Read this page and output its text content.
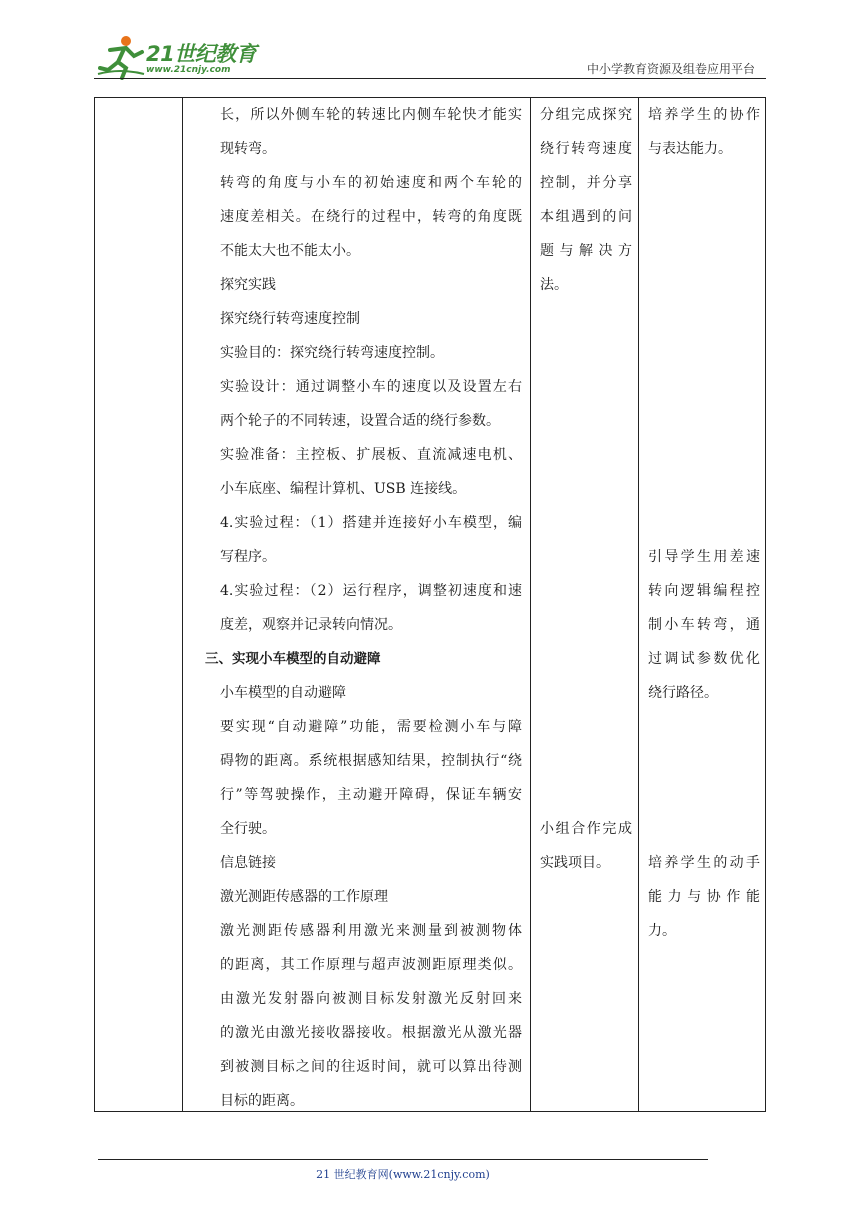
21世纪教育
www.21cnjy.com	中小学教育资源及组卷应用平台
长，所以外侧车轮的转速比内侧车轮快才能实
现转弯。
转弯的角度与小车的初始速度和两个车轮的
速度差相关。在绕行的过程中，转弯的角度既
不能太大也不能太小。
探究实践
探究绕行转弯速度控制
实验目的：探究绕行转弯速度控制。
实验设计：通过调整小车的速度以及设置左右
两个轮子的不同转速，设置合适的绕行参数。
实验准备：主控板、扩展板、直流减速电机、
小车底座、编程计算机、USB 连接线。
4.实验过程：（1）搭建并连接好小车模型，编
写程序。
4.实验过程：（2）运行程序，调整初速度和速
度差，观察并记录转向情况。
三、实现小车模型的自动避障
小车模型的自动避障
要实现“自动避障”功能，需要检测小车与障
碍物的距离。系统根据感知结果，控制执行“绕
行”等驾驶操作，主动避开障碍，保证车辆安
全行驶。
信息链接
激光测距传感器的工作原理
激光测距传感器利用激光来测量到被测物体
的距离，其工作原理与超声波测距原理类似。
由激光发射器向被测目标发射激光反射回来
的激光由激光接收器接收。根据激光从激光器
到被测目标之间的往返时间，就可以算出待测
目标的距离。
分组完成探究
绕行转弯速度
控制，并分享
本组遇到的问
题与解决方
法。
小组合作完成
实践项目。
培养学生的协作
与表达能力。
引导学生用差速
转向逻辑编程控
制小车转弯，通
过调试参数优化
绕行路径。
培养学生的动手
能力与协作能
力。
21 世纪教育网(www.21cnjy.com)
